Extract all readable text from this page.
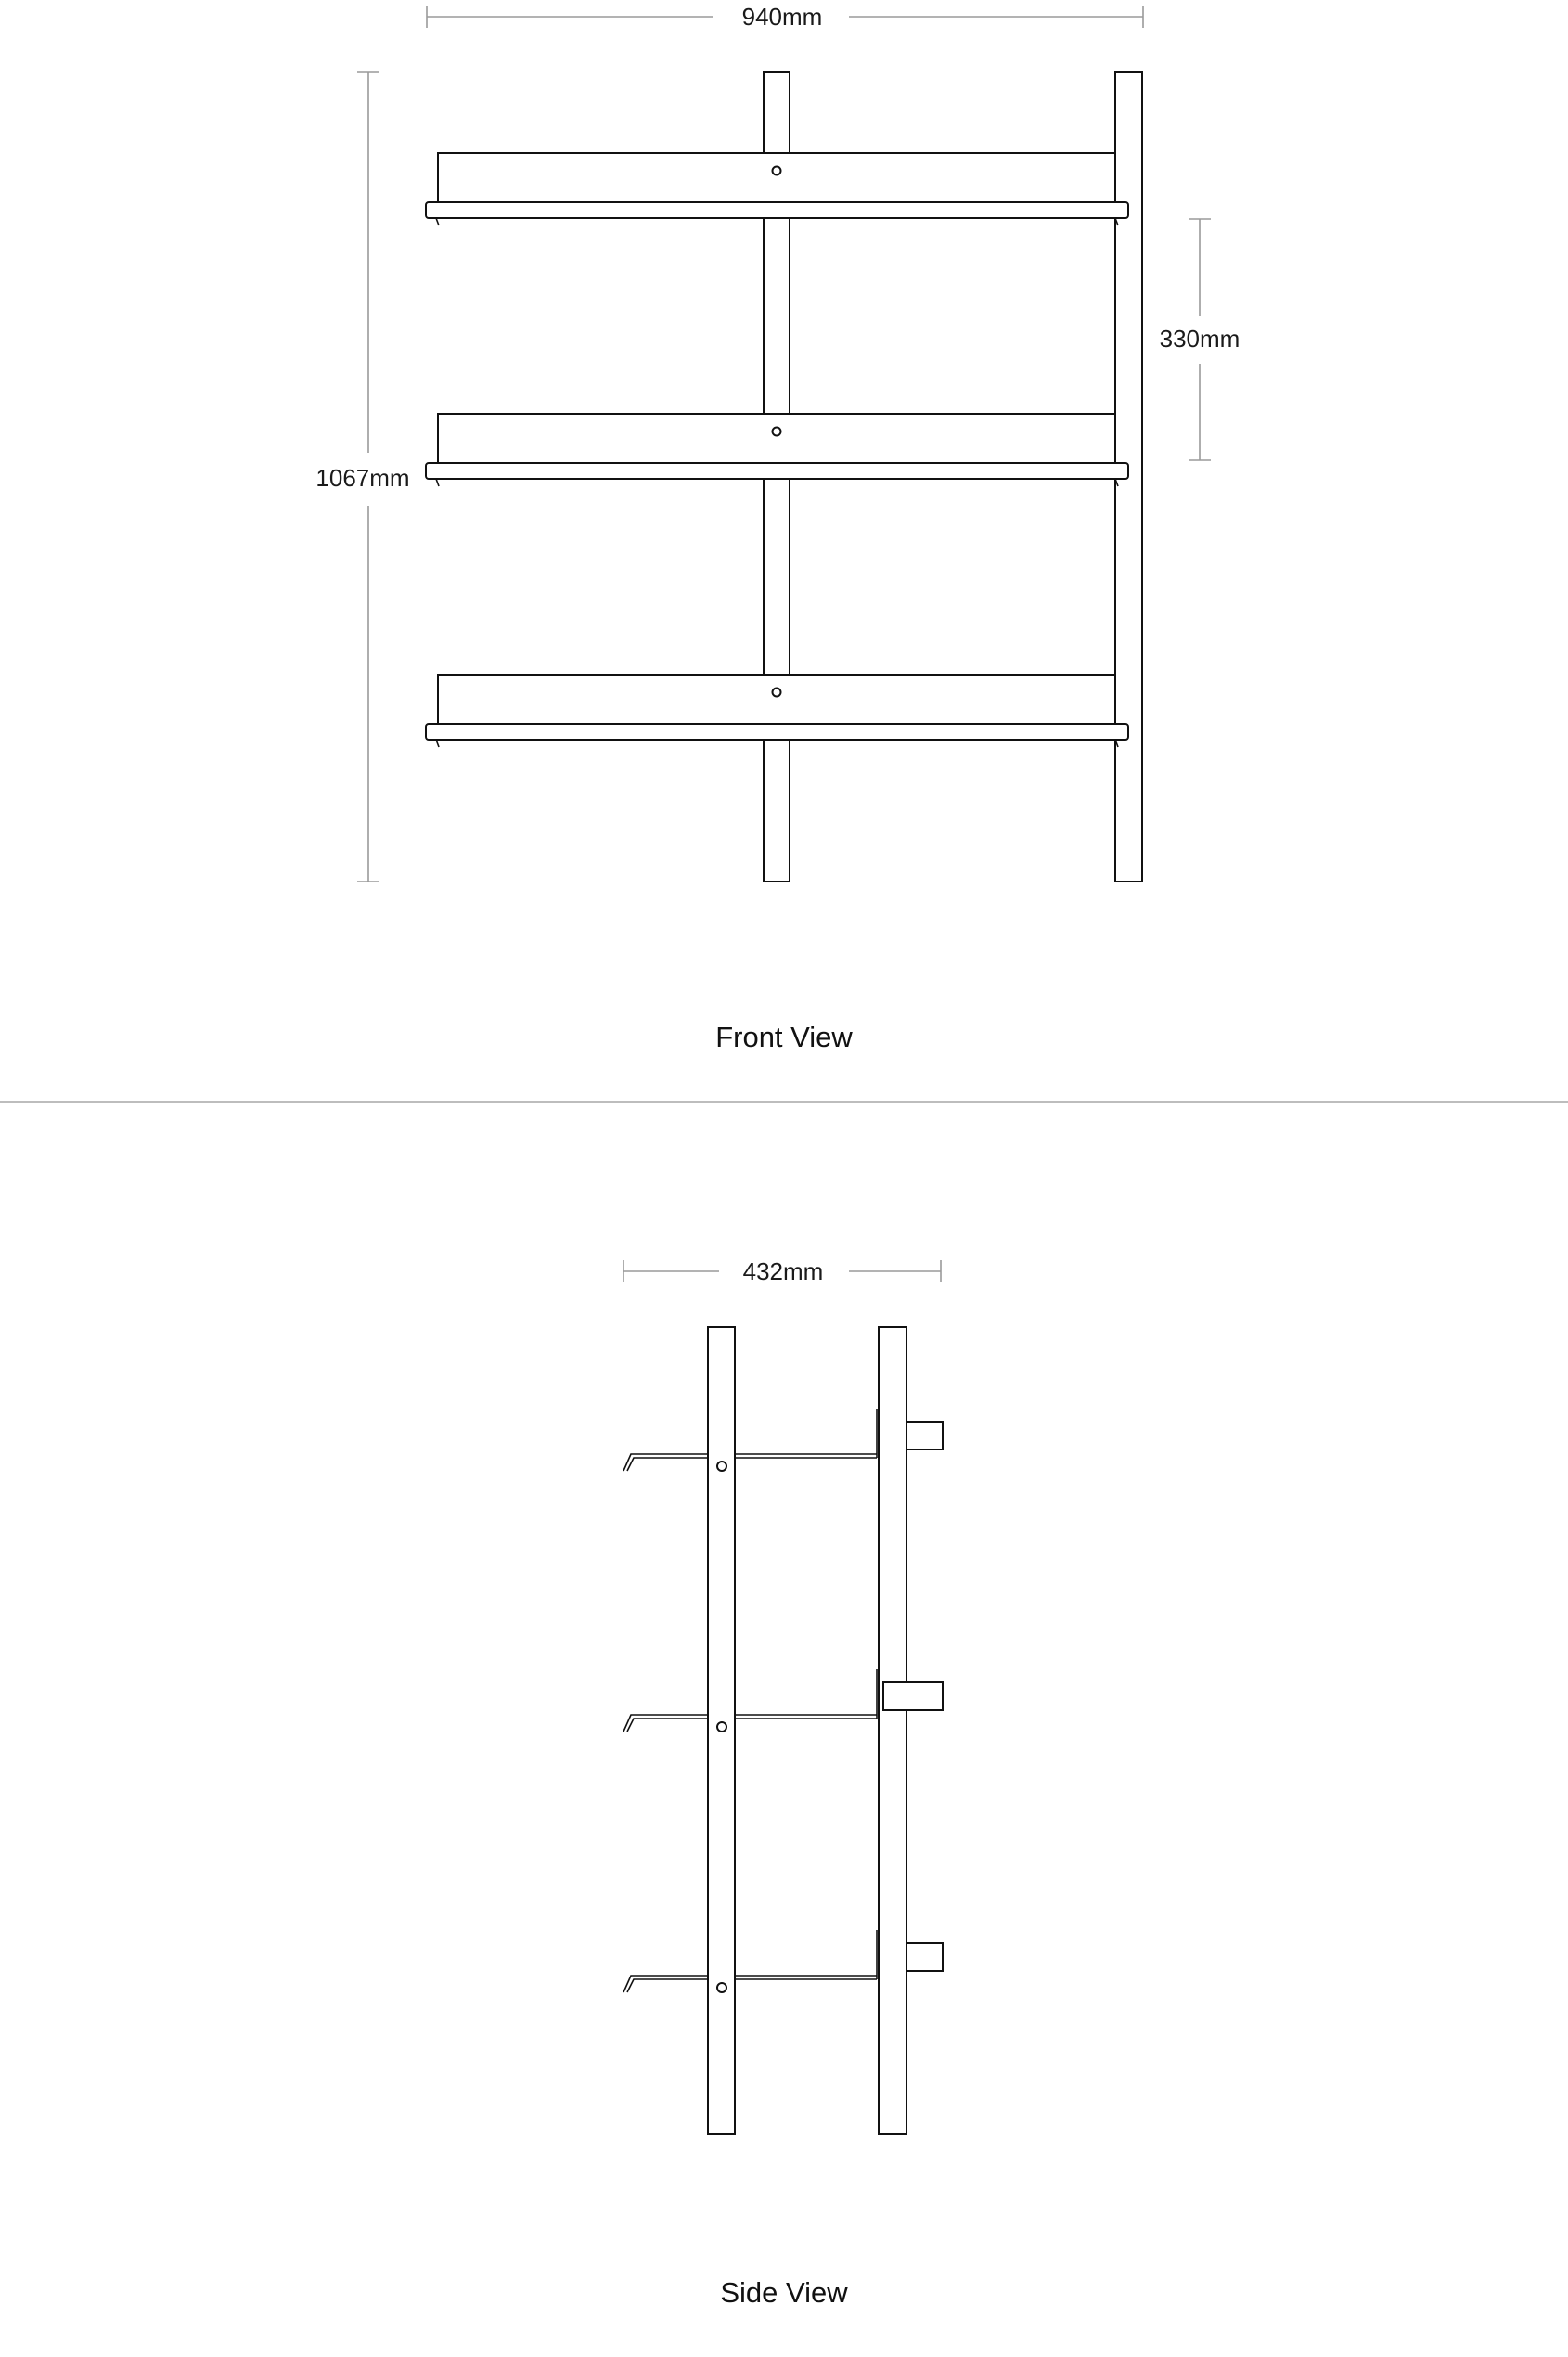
940mm
1067mm
330mm
Front View
432mm
Side View
